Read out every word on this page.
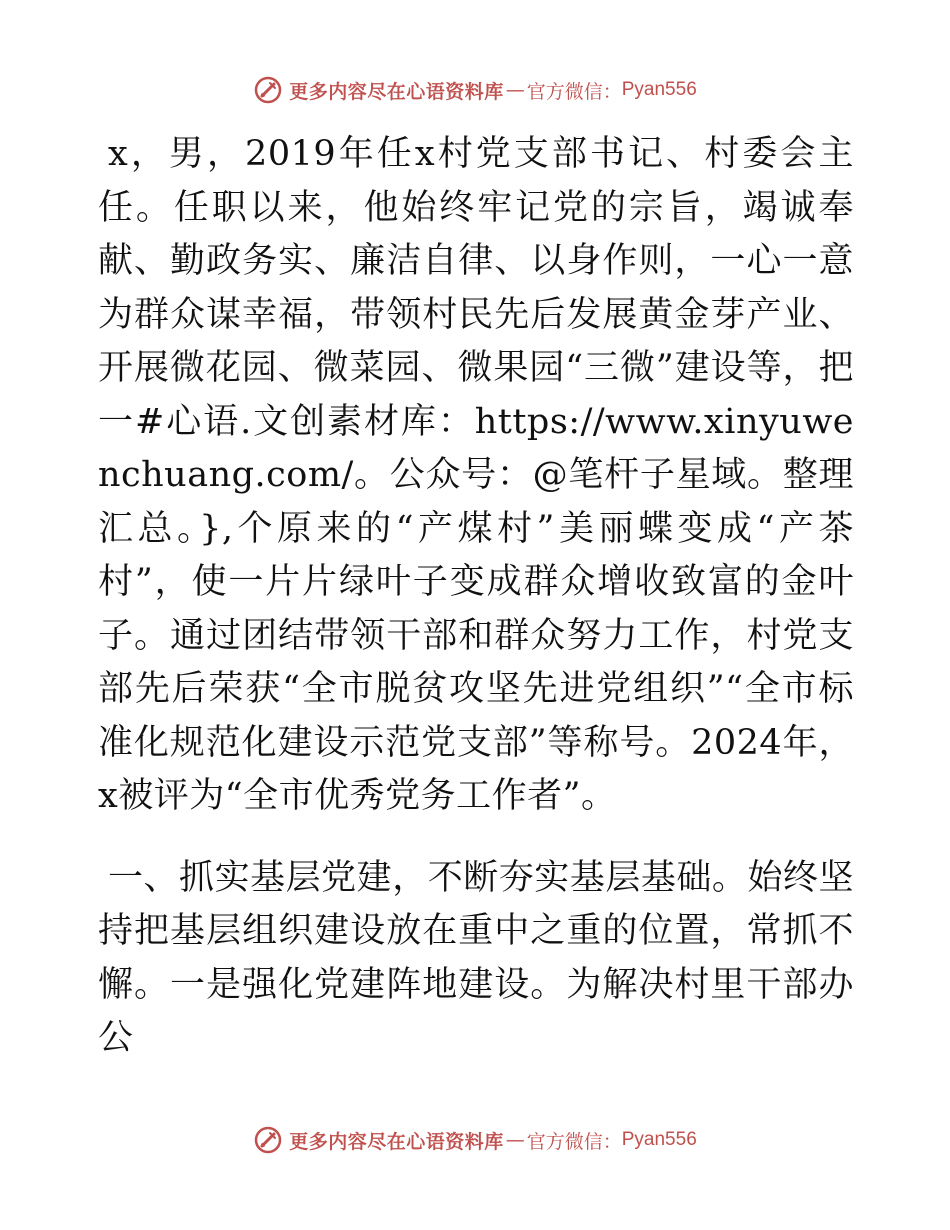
更多内容尽在心语资料库 — 官方微信： Pyan556

x，男，2019年任x村党支部书记、村委会主任。任职以来，他始终牢记党的宗旨，竭诚奉献、勤政务实、廉洁自律、以身作则，一心一意为群众谋幸福，带领村民先后发展黄金芽产业、开展微花园、微菜园、微果园“三微”建设等，把一#心语.文创素材库：https://www.xinyuwenchuang.com/。公众号：@笔杆子星域。整理汇总。},个原来的“产煤村”美丽蝶变成“产茶村”，使一片片绿叶子变成群众增收致富的金叶子。通过团结带领干部和群众努力工作，村党支部先后荣获“全市脱贫攻坚先进党组织”“全市标准化规范化建设示范党支部”等称号。2024年，x被评为“全市优秀党务工作者”。

一、抓实基层党建，不断夯实基层基础。始终坚持把基层组织建设放在重中之重的位置，常抓不懈。一是强化党建阵地建设。为解决村里干部办公

更多内容尽在心语资料库 — 官方微信： Pyan556
